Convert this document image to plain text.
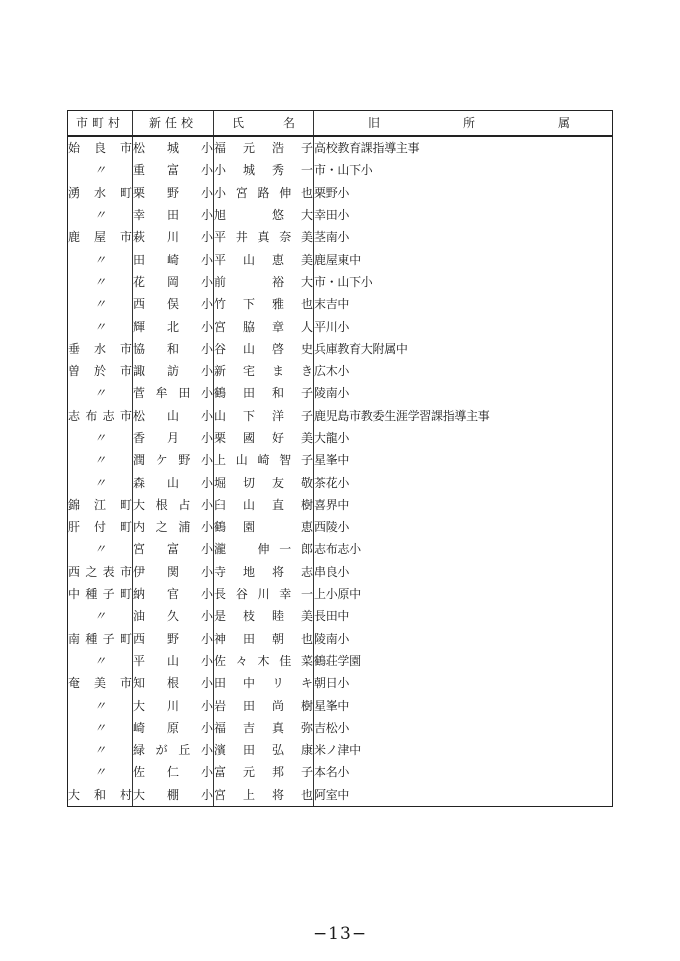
市町村	新任校	氏 名	旧 所 属

始良市	松城小	福元浩子	高校教育課指導主事
〃	重富小	小城秀一	市・山下小
湧水町	栗野小	小宮路伸也	栗野小
〃	幸田小	旭　悠大	幸田小
鹿屋市	萩川小	平井真奈美	茎南小
〃	田崎小	平山恵美	鹿屋東中
〃	花岡小	前　裕大	市・山下小
〃	西俣小	竹下雅也	末吉中
〃	輝北小	宮脇章人	平川小
垂水市	協和小	谷山啓史	兵庫教育大附属中
曽於市	諏訪小	新宅まき	広木小
〃	菅牟田小	鶴田和子	陵南小
志布志市	松山小	山下洋子	鹿児島市教委生涯学習課指導主事
〃	香月小	栗國好美	大龍小
〃	潤ケ野小	上山崎智子	星峯中
〃	森山小	堀切友敬	茶花小
錦江町	大根占小	臼山直樹	喜界中
肝付町	内之浦小	鶴園　恵	西陵小
〃	宮富小	瀧　伸一郎	志布志小
西之表市	伊関小	寺地将志	串良小
中種子町	納官小	長谷川幸一	上小原中
〃	油久小	是枝睦美	長田中
南種子町	西野小	神田朝也	陵南小
〃	平山小	佐々木佳菜	鶴荘学園
奄美市	知根小	田中リキ	朝日小
〃	大川小	岩田尚樹	星峯中
〃	崎原小	福吉真弥	吉松小
〃	緑が丘小	濱田弘康	米ノ津中
〃	佐仁小	富元邦子	本名小
大和村	大棚小	宮上将也	阿室中
−13−
